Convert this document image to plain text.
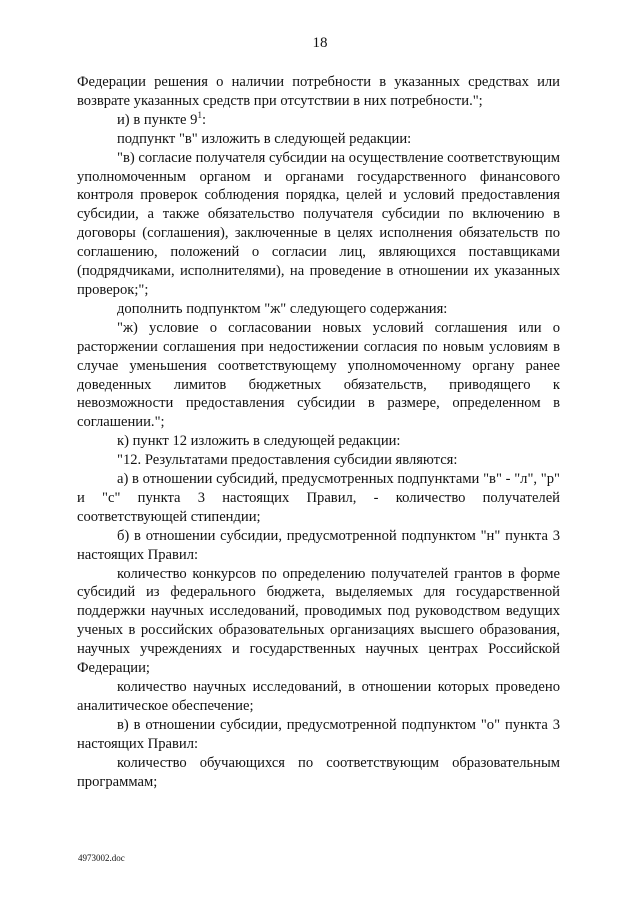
18

Федерации решения о наличии потребности в указанных средствах или возврате указанных средств при отсутствии в них потребности.";

и) в пункте $9^1$:

подпункт "в" изложить в следующей редакции:

"в) согласие получателя субсидии на осуществление соответствующим уполномоченным органом и органами государственного финансового контроля проверок соблюдения порядка, целей и условий предоставления субсидии, а также обязательство получателя субсидии по включению в договоры (соглашения), заключенные в целях исполнения обязательств по соглашению, положений о согласии лиц, являющихся поставщиками (подрядчиками, исполнителями), на проведение в отношении их указанных проверок;";

дополнить подпунктом "ж" следующего содержания:

"ж) условие о согласовании новых условий соглашения или о расторжении соглашения при недостижении согласия по новым условиям в случае уменьшения соответствующему уполномоченному органу ранее доведенных лимитов бюджетных обязательств, приводящего к невозможности предоставления субсидии в размере, определенном в соглашении.";

к) пункт 12 изложить в следующей редакции:

"12. Результатами предоставления субсидии являются:

а) в отношении субсидий, предусмотренных подпунктами "в" - "л", "р" и "с" пункта 3 настоящих Правил, - количество получателей соответствующей стипендии;

б) в отношении субсидии, предусмотренной подпунктом "н" пункта 3 настоящих Правил:

количество конкурсов по определению получателей грантов в форме субсидий из федерального бюджета, выделяемых для государственной поддержки научных исследований, проводимых под руководством ведущих ученых в российских образовательных организациях высшего образования, научных учреждениях и государственных научных центрах Российской Федерации;

количество научных исследований, в отношении которых проведено аналитическое обеспечение;

в) в отношении субсидии, предусмотренной подпунктом "о" пункта 3 настоящих Правил:

количество обучающихся по соответствующим образовательным программам;

4973002.doc
